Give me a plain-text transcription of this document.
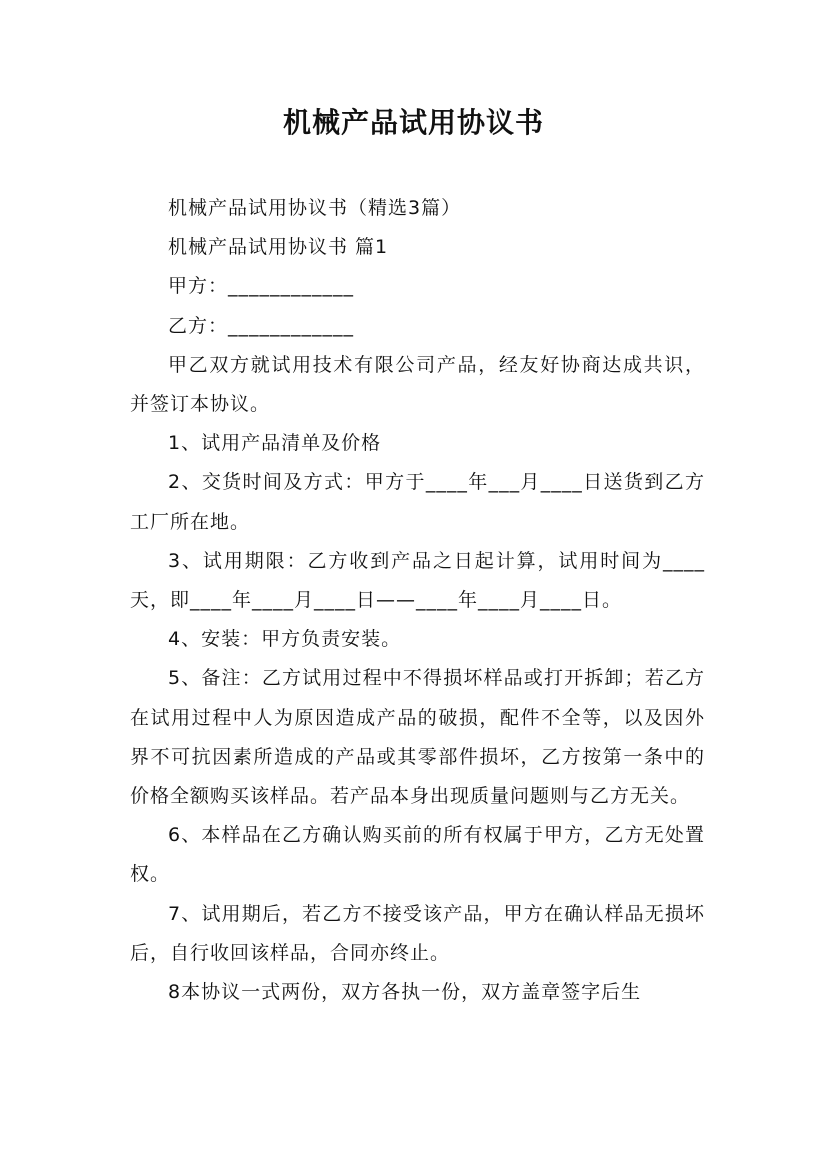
机械产品试用协议书

机械产品试用协议书（精选3篇）

机械产品试用协议书 篇1

甲方：____________

乙方：____________

甲乙双方就试用技术有限公司产品，经友好协商达成共识，并签订本协议。

1、试用产品清单及价格

2、交货时间及方式：甲方于____年___月____日送货到乙方工厂所在地。

3、试用期限：乙方收到产品之日起计算，试用时间为____天，即____年____月____日——____年____月____日。

4、安装：甲方负责安装。

5、备注：乙方试用过程中不得损坏样品或打开拆卸；若乙方在试用过程中人为原因造成产品的破损，配件不全等，以及因外界不可抗因素所造成的产品或其零部件损坏，乙方按第一条中的价格全额购买该样品。若产品本身出现质量问题则与乙方无关。

6、本样品在乙方确认购买前的所有权属于甲方，乙方无处置权。

7、试用期后，若乙方不接受该产品，甲方在确认样品无损坏后，自行收回该样品，合同亦终止。

8本协议一式两份，双方各执一份，双方盖章签字后生
